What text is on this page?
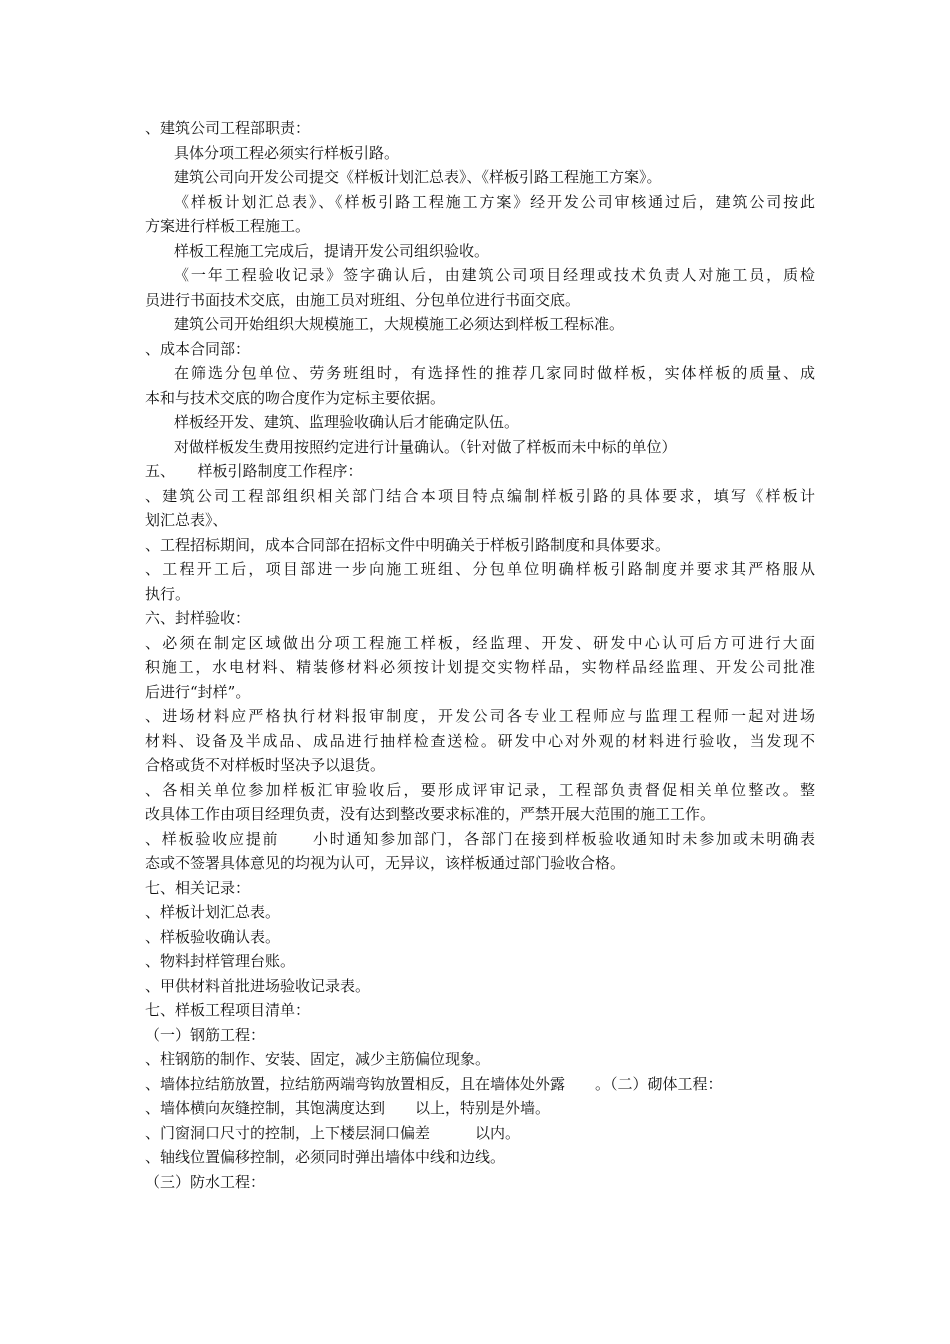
、建筑公司工程部职责：
具体分项工程必须实行样板引路。
建筑公司向开发公司提交《样板计划汇总表》、《样板引路工程施工方案》。
《样板计划汇总表》、《样板引路工程施工方案》经开发公司审核通过后，建筑公司按此
方案进行样板工程施工。
样板工程施工完成后，提请开发公司组织验收。
《一年工程验收记录》签字确认后，由建筑公司项目经理或技术负责人对施工员，质检
员进行书面技术交底，由施工员对班组、分包单位进行书面交底。
建筑公司开始组织大规模施工，大规模施工必须达到样板工程标准。
、成本合同部：
在筛选分包单位、劳务班组时，有选择性的推荐几家同时做样板，实体样板的质量、成
本和与技术交底的吻合度作为定标主要依据。
样板经开发、建筑、监理验收确认后才能确定队伍。
对做样板发生费用按照约定进行计量确认。（针对做了样板而未中标的单位）
五、　　样板引路制度工作程序：
、建筑公司工程部组织相关部门结合本项目特点编制样板引路的具体要求，填写《样板计
划汇总表》、
、工程招标期间，成本合同部在招标文件中明确关于样板引路制度和具体要求。
、工程开工后，项目部进一步向施工班组、分包单位明确样板引路制度并要求其严格服从
执行。
六、封样验收：
、必须在制定区域做出分项工程施工样板，经监理、开发、研发中心认可后方可进行大面
积施工，水电材料、精装修材料必须按计划提交实物样品，实物样品经监理、开发公司批准
后进行“封样”。
、进场材料应严格执行材料报审制度，开发公司各专业工程师应与监理工程师一起对进场
材料、设备及半成品、成品进行抽样检查送检。研发中心对外观的材料进行验收，当发现不
合格或货不对样板时坚决予以退货。
、各相关单位参加样板汇审验收后，要形成评审记录，工程部负责督促相关单位整改。整
改具体工作由项目经理负责，没有达到整改要求标准的，严禁开展大范围的施工工作。
、样板验收应提前　　小时通知参加部门，各部门在接到样板验收通知时未参加或未明确表
态或不签署具体意见的均视为认可，无异议，该样板通过部门验收合格。
七、相关记录：
、样板计划汇总表。
、样板验收确认表。
、物料封样管理台账。
、甲供材料首批进场验收记录表。
七、样板工程项目清单：
（一）钢筋工程：
、柱钢筋的制作、安装、固定，减少主筋偏位现象。
、墙体拉结筋放置，拉结筋两端弯钩放置相反，且在墙体处外露　　。（二）砌体工程：
、墙体横向灰缝控制，其饱满度达到　　以上，特别是外墙。
、门窗洞口尺寸的控制，上下楼层洞口偏差　　　以内。
、轴线位置偏移控制，必须同时弹出墙体中线和边线。
（三）防水工程：
